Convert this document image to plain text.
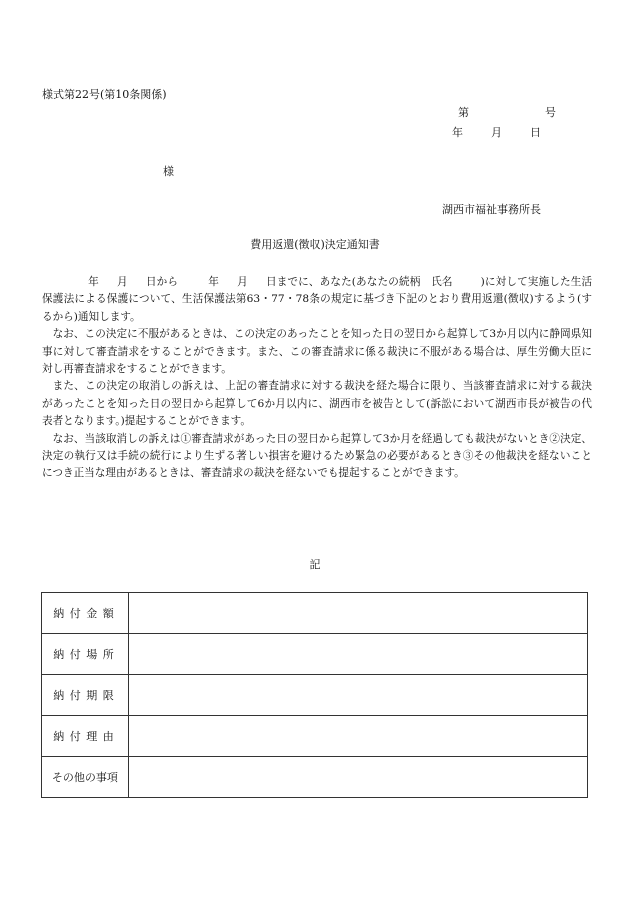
様式第22号(第10条関係)
第	号
年	月	日
様
湖西市福祉事務所長
費用返還(徴収)決定通知書

年 月 日から	年 月 日までに、あなた(あなたの続柄　氏名	)に対して実施した生活保護法による保護について、生活保護法第63・77・78条の規定に基づき下記のとおり費用返還(徴収)するよう(するから)通知します。

なお、この決定に不服があるときは、この決定のあったことを知った日の翌日から起算して3か月以内に静岡県知事に対して審査請求をすることができます。また、この審査請求に係る裁決に不服がある場合は、厚生労働大臣に対し再審査請求をすることができます。

また、この決定の取消しの訴えは、上記の審査請求に対する裁決を経た場合に限り、当該審査請求に対する裁決があったことを知った日の翌日から起算して6か月以内に、湖西市を被告として(訴訟において湖西市長が被告の代表者となります。)提起することができます。

なお、当該取消しの訴えは①審査請求があった日の翌日から起算して3か月を経過しても裁決がないとき②決定、決定の執行又は手続の続行により生ずる著しい損害を避けるため緊急の必要があるとき③その他裁決を経ないことにつき正当な理由があるときは、審査請求の裁決を経ないでも提起することができます。

記
納付金額	
納付場所	
納付期限	
納付理由	
その他の事項	
